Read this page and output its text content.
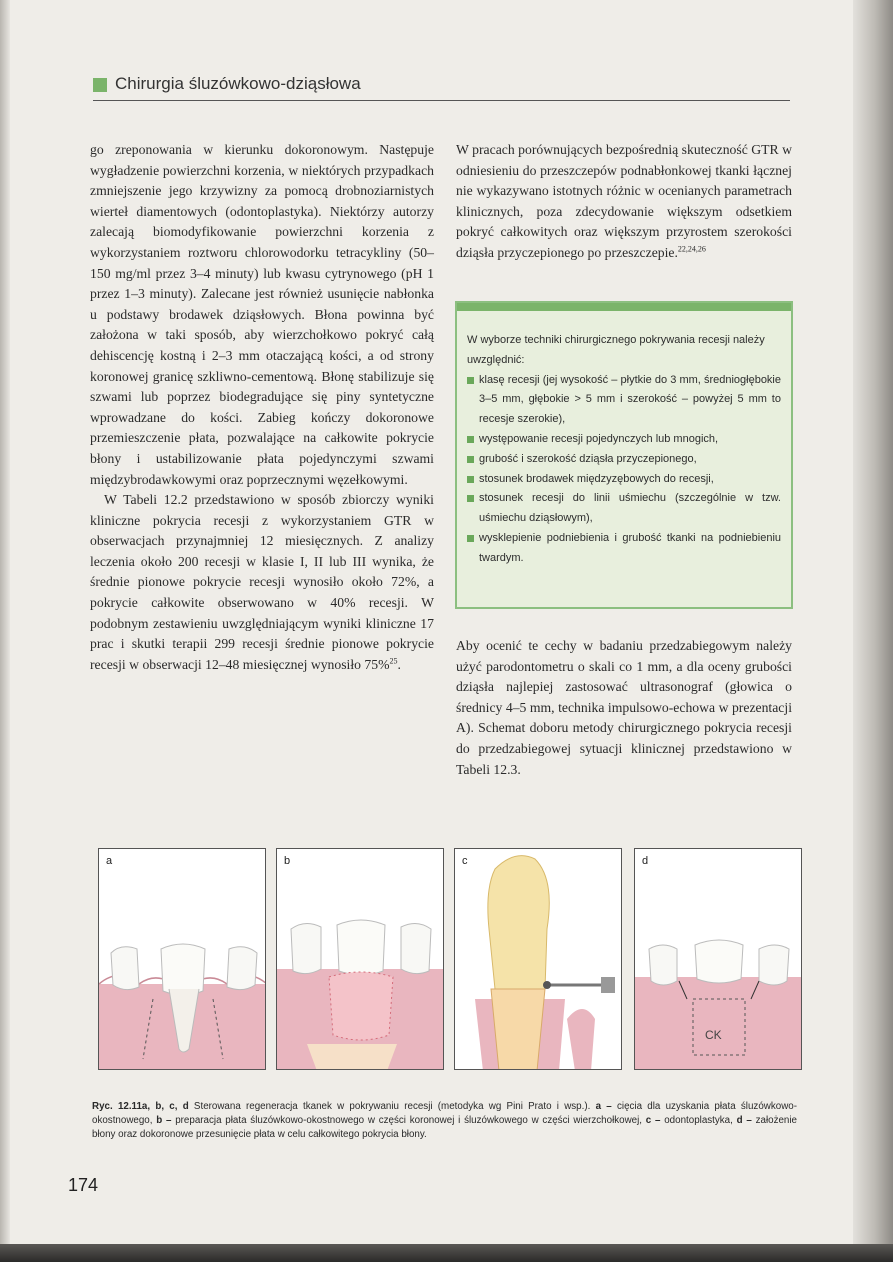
Chirurgia śluzówkowo-dziąsłowa

go zreponowania w kierunku dokoronowym. Następuje wygładzenie powierzchni korzenia, w niektórych przypadkach zmniejszenie jego krzywizny za pomocą drobnoziarnistych wierteł diamentowych (odontoplastyka). Niektórzy autorzy zalecają biomodyfikowanie powierzchni korzenia z wykorzystaniem roztworu chlorowodorku tetracykliny (50–150 mg/ml przez 3–4 minuty) lub kwasu cytrynowego (pH 1 przez 1–3 minuty). Zalecane jest również usunięcie nabłonka u podstawy brodawek dziąsłowych. Błona powinna być założona w taki sposób, aby wierzchołkowo pokryć całą dehiscencję kostną i 2–3 mm otaczającą kości, a od strony koronowej granicę szkliwno-cementową. Błonę stabilizuje się szwami lub poprzez biodegradujące się piny syntetyczne wprowadzane do kości. Zabieg kończy dokoronowe przemieszczenie płata, pozwalające na całkowite pokrycie błony i ustabilizowanie płata pojedynczymi szwami międzybrodawkowymi oraz poprzecznymi węzełkowymi.

W Tabeli 12.2 przedstawiono w sposób zbiorczy wyniki kliniczne pokrycia recesji z wykorzystaniem GTR w obserwacjach przynajmniej 12 miesięcznych. Z analizy leczenia około 200 recesji w klasie I, II lub III wynika, że średnie pionowe pokrycie recesji wynosiło około 72%, a pokrycie całkowite obserwowano w 40% recesji. W podobnym zestawieniu uwzględniającym wyniki kliniczne 17 prac i skutki terapii 299 recesji średnie pionowe pokrycie recesji w obserwacji 12–48 miesięcznej wynosiło 75%$^{25}$.

W pracach porównujących bezpośrednią skuteczność GTR w odniesieniu do przeszczepów podnabłonkowej tkanki łącznej nie wykazywano istotnych różnic w ocenianych parametrach klinicznych, poza zdecydowanie większym odsetkiem pokryć całkowitych oraz większym przyrostem szerokości dziąsła przyczepionego po przeszczepie.$^{22,24,26}$

W wyborze techniki chirurgicznego pokrywania recesji należy uwzględnić:
klasę recesji (jej wysokość – płytkie do 3 mm, średniogłębokie 3–5 mm, głębokie > 5 mm i szerokość – powyżej 5 mm to recesje szerokie),
występowanie recesji pojedynczych lub mnogich,
grubość i szerokość dziąsła przyczepionego,
stosunek brodawek międzyzębowych do recesji,
stosunek recesji do linii uśmiechu (szczególnie w tzw. uśmiechu dziąsłowym),
wysklepienie podniebienia i grubość tkanki na podniebieniu twardym.

Aby ocenić te cechy w badaniu przedzabiegowym należy użyć parodontometru o skali co 1 mm, a dla oceny grubości dziąsła najlepiej zastosować ultrasonograf (głowica o średnicy 4–5 mm, technika impulsowo-echowa w prezentacji A). Schemat doboru metody chirurgicznego pokrycia recesji do przedzabiegowej sytuacji klinicznej przedstawiono w Tabeli 12.3.

a	b	c
CK
d
Ryc. 12.11a, b, c, d Sterowana regeneracja tkanek w pokrywaniu recesji (metodyka wg Pini Prato i wsp.). a – cięcia dla uzyskania płata śluzówkowo-okostnowego, b – preparacja płata śluzówkowo-okostnowego w części koronowej i śluzówkowego w części wierzchołkowej, c – odontoplastyka, d – założenie błony oraz dokoronowe przesunięcie płata w celu całkowitego pokrycia błony.
174
